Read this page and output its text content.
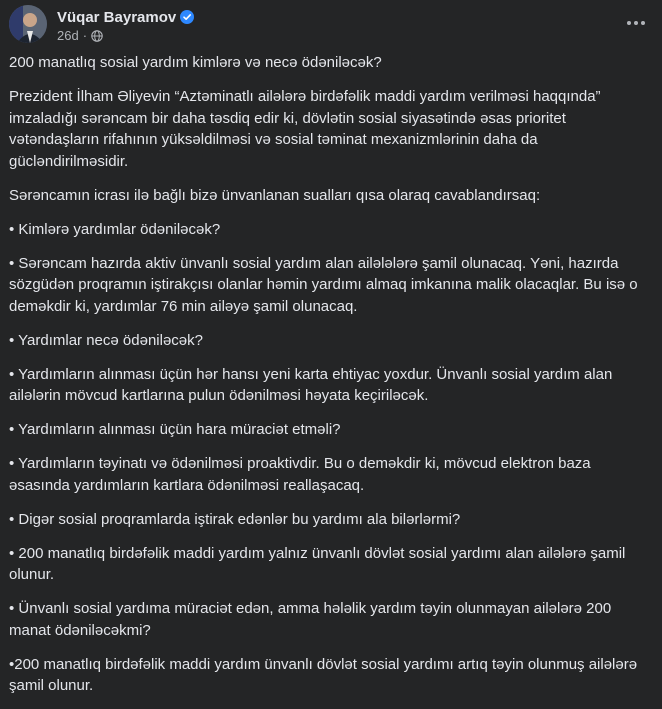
Vüqar Bayramov
26d ·

200 manatlıq sosial yardım kimlərə və necə ödəniləcək?

Prezident İlham Əliyevin “Aztəminatlı ailələrə birdəfəlik maddi yardım verilməsi haqqında” imzaladığı sərəncam bir daha təsdiq edir ki, dövlətin sosial siyasətində əsas prioritet vətəndaşların rifahının yüksəldilməsi və sosial təminat mexanizmlərinin daha da gücləndirilməsidir.

Sərəncamın icrası ilə bağlı bizə ünvanlanan sualları qısa olaraq cavablandırsaq:

• Kimlərə yardımlar ödəniləcək?

• Sərəncam hazırda aktiv ünvanlı sosial yardım alan ailələlərə şamil olunacaq. Yəni, hazırda sözgüdən proqramın iştirakçısı olanlar həmin yardımı almaq imkanına malik olacaqlar. Bu isə o deməkdir ki, yardımlar 76 min ailəyə şamil olunacaq.

• Yardımlar necə ödəniləcək?

• Yardımların alınması üçün hər hansı yeni karta ehtiyac yoxdur. Ünvanlı sosial yardım alan ailələrin mövcud kartlarına pulun ödənilməsi həyata keçiriləcək.

• Yardımların alınması üçün hara müraciət etməli?

• Yardımların təyinatı və ödənilməsi proaktivdir. Bu o deməkdir ki, mövcud elektron baza əsasında yardımların kartlara ödənilməsi reallaşacaq.

• Digər sosial proqramlarda iştirak edənlər bu yardımı ala bilərlərmi?

• 200 manatlıq birdəfəlik maddi yardım yalnız ünvanlı dövlət sosial yardımı alan ailələrə şamil olunur.

• Ünvanlı sosial yardıma müraciət edən, amma hələlik yardım təyin olunmayan ailələrə 200 manat ödəniləcəkmi?

•200 manatlıq birdəfəlik maddi yardım ünvanlı dövlət sosial yardımı artıq təyin olunmuş ailələrə şamil olunur.
